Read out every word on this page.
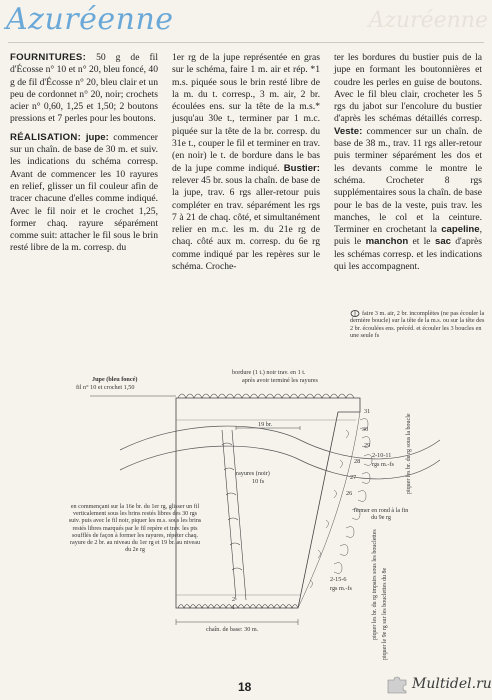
Azuréenne	Azuréenne

FOURNITURES: 50 g de fil d'Écosse n° 10 et n° 20, bleu foncé, 40 g de fil d'Écosse n° 20, bleu clair et un peu de cordonnet n° 20, noir; crochets acier n° 0,60, 1,25 et 1,50; 2 boutons pressions et 7 perles pour les boutons.

RÉALISATION: jupe: commencer sur un chaîn. de base de 30 m. et suiv. les indications du schéma corresp. Avant de commencer les 10 rayures en relief, glisser un fil couleur afin de tracer chacune d'elles comme indiqué. Avec le fil noir et le crochet 1,25, former chaq. rayure séparément comme suit: attacher le fil sous le brin resté libre de la m. corresp. du

1er rg de la jupe représentée en gras sur le schéma, faire 1 m. air et rép. *1 m.s. piquée sous le brin resté libre de la m. du t. corresp., 3 m. air, 2 br. écoulées ens. sur la tête de la m.s.* jusqu'au 30e t., terminer par 1 m.c. piquée sur la tête de la br. corresp. du 31e t., couper le fil et terminer en trav. (en noir) le t. de bordure dans le bas de la jupe comme indiqué. Bustier: relever 45 br. sous la chaîn. de base de la jupe, trav. 6 rgs aller-retour puis compléter en trav. séparément les rgs 7 à 21 de chaq. côté, et simultanément relier en m.c. les m. du 21e rg de chaq. côté aux m. corresp. du 6e rg comme indiqué par les repères sur le schéma. Croche-

ter les bordures du bustier puis de la jupe en formant les boutonnières et coudre les perles en guise de boutons. Avec le fil bleu clair, crocheter les 5 rgs du jabot sur l'encolure du bustier d'après les schémas détaillés corresp. Veste: commencer sur un chaîn. de base de 38 m., trav. 11 rgs aller-retour puis terminer séparément les dos et les devants comme le montre le schéma. Crocheter 8 rgs supplémentaires sous la chaîn. de base pour le bas de la veste, puis trav. les manches, le col et la ceinture. Terminer en crochetant la capeline, puis le manchon et le sac d'après les schémas corresp. et les indications qui les accompagnent.

faire 3 m. air, 2 br. incomplètes (ne pas écouler la dernière boucle) sur la tête de la m.s. ou sur la tête des 2 br. écoulées ens. précéd. et écouler les 3 boucles en une seule fs
Jupe (bleu foncé)
fil n° 10 et crochet 1,50
bordure (1 t.) noir trav. en 1 t.
après avoir terminé les rayures
19 br.
rayures (noir)
10 fs
en commençant sur la 16e br. du 1er rg, glisser un fil verticalement sous les brins restés libres des 30 rgs suiv. puis avec le fil noir, piquer les m.s. sous les brins restés libres marqués par le fil repère et trav. les pts soufflés de façon à former les rayures, répéter chaq. rayure de 2 br. au niveau du 1er rg et 19 br. au niveau du 2e rg
chaîn. de base: 30 m.
31
30
29
28
27
26
2-10-11
rgs m.-fs
fermer en rond à la fin du 9e rg
2-15-6
rgs m.-fs
2
1
piquer les br. du rg sous la boucle
piquer les br. du rg impairs sous les bouclettes piquer le 9e rg sur les bouclettes du 8e
18	Multidel.ru
